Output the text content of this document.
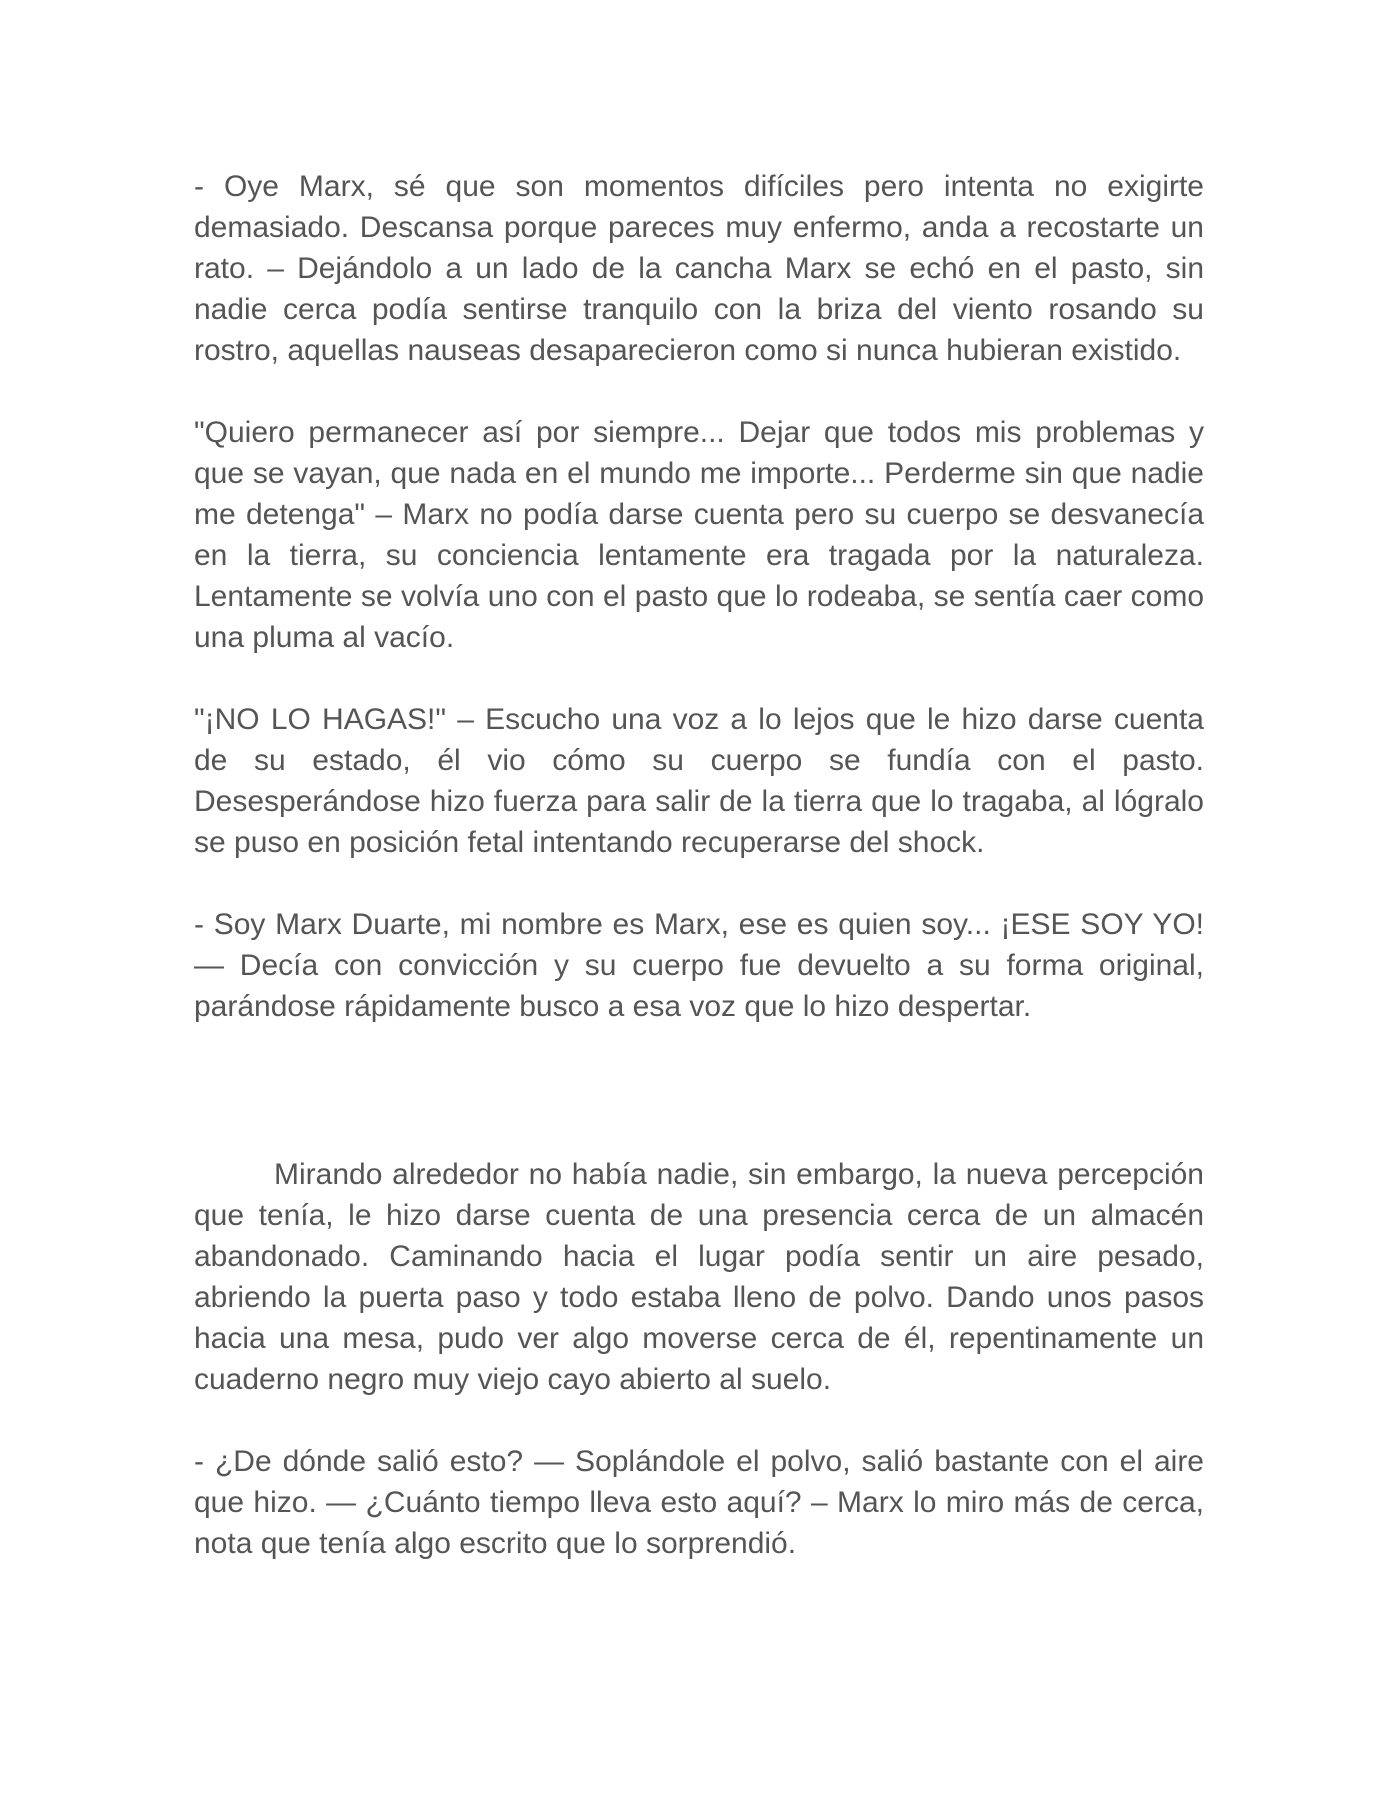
- Oye Marx, sé que son momentos difíciles pero intenta no exigirte demasiado. Descansa porque pareces muy enfermo, anda a recostarte un rato. – Dejándolo a un lado de la cancha Marx se echó en el pasto, sin nadie cerca podía sentirse tranquilo con la briza del viento rosando su rostro, aquellas nauseas desaparecieron como si nunca hubieran existido.

"Quiero permanecer así por siempre... Dejar que todos mis problemas y que se vayan, que nada en el mundo me importe... Perderme sin que nadie me detenga" – Marx no podía darse cuenta pero su cuerpo se desvanecía en la tierra, su conciencia lentamente era tragada por la naturaleza. Lentamente se volvía uno con el pasto que lo rodeaba, se sentía caer como una pluma al vacío.

"¡NO LO HAGAS!" – Escucho una voz a lo lejos que le hizo darse cuenta de su estado, él vio cómo su cuerpo se fundía con el pasto. Desesperándose hizo fuerza para salir de la tierra que lo tragaba, al lógralo se puso en posición fetal intentando recuperarse del shock.

- Soy Marx Duarte, mi nombre es Marx, ese es quien soy... ¡ESE SOY YO! — Decía con convicción y su cuerpo fue devuelto a su forma original, parándose rápidamente busco a esa voz que lo hizo despertar.

Mirando alrededor no había nadie, sin embargo, la nueva percepción que tenía, le hizo darse cuenta de una presencia cerca de un almacén abandonado. Caminando hacia el lugar podía sentir un aire pesado, abriendo la puerta paso y todo estaba lleno de polvo. Dando unos pasos hacia una mesa, pudo ver algo moverse cerca de él, repentinamente un cuaderno negro muy viejo cayo abierto al suelo.

- ¿De dónde salió esto? — Soplándole el polvo, salió bastante con el aire que hizo. — ¿Cuánto tiempo lleva esto aquí? – Marx lo miro más de cerca, nota que tenía algo escrito que lo sorprendió.
